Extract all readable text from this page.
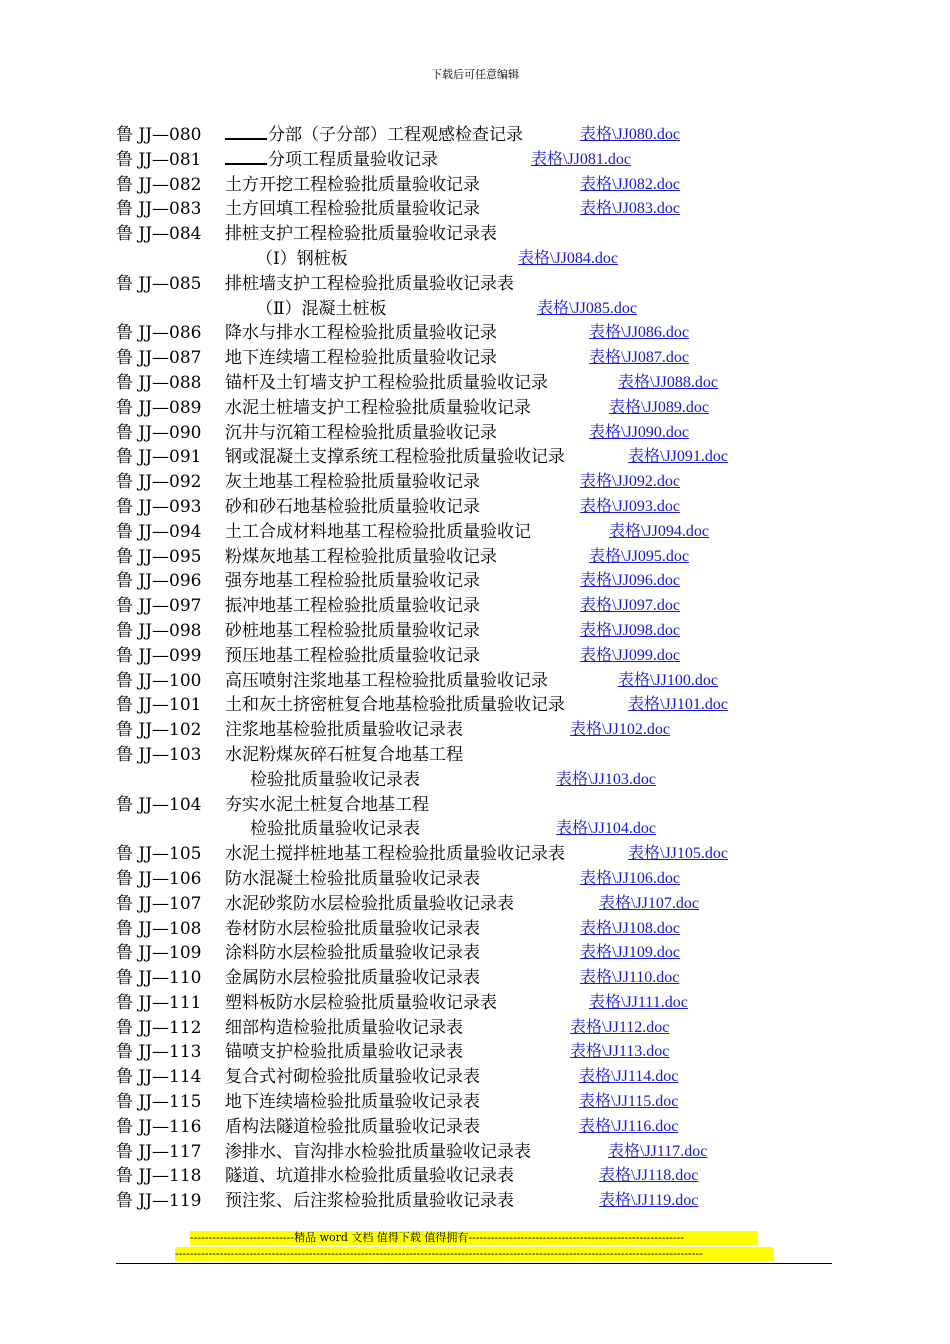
下载后可任意编辑
鲁 JJ—080	分部（子分部）工程观感检查记录	表格\JJ080.doc
鲁 JJ—081	分项工程质量验收记录	表格\JJ081.doc
鲁 JJ—082 土方开挖工程检验批质量验收记录	表格\JJ082.doc
鲁 JJ—083 土方回填工程检验批质量验收记录	表格\JJ083.doc
鲁 JJ—084 排桩支护工程检验批质量验收记录表
（Ⅰ）钢桩板	表格\JJ084.doc
鲁 JJ—085 排桩墙支护工程检验批质量验收记录表
（Ⅱ）混凝土桩板	表格\JJ085.doc
鲁 JJ—086 降水与排水工程检验批质量验收记录	表格\JJ086.doc
鲁 JJ—087 地下连续墙工程检验批质量验收记录	表格\JJ087.doc
鲁 JJ—088 锚杆及土钉墙支护工程检验批质量验收记录	表格\JJ088.doc
鲁 JJ—089 水泥土桩墙支护工程检验批质量验收记录	表格\JJ089.doc
鲁 JJ—090 沉井与沉箱工程检验批质量验收记录	表格\JJ090.doc
鲁 JJ—091 钢或混凝土支撑系统工程检验批质量验收记录	表格\JJ091.doc
鲁 JJ—092 灰土地基工程检验批质量验收记录	表格\JJ092.doc
鲁 JJ—093 砂和砂石地基检验批质量验收记录	表格\JJ093.doc
鲁 JJ—094 土工合成材料地基工程检验批质量验收记	表格\JJ094.doc
鲁 JJ—095 粉煤灰地基工程检验批质量验收记录	表格\JJ095.doc
鲁 JJ—096 强夯地基工程检验批质量验收记录	表格\JJ096.doc
鲁 JJ—097 振冲地基工程检验批质量验收记录	表格\JJ097.doc
鲁 JJ—098 砂桩地基工程检验批质量验收记录	表格\JJ098.doc
鲁 JJ—099 预压地基工程检验批质量验收记录	表格\JJ099.doc
鲁 JJ—100 高压喷射注浆地基工程检验批质量验收记录	表格\JJ100.doc
鲁 JJ—101 土和灰土挤密桩复合地基检验批质量验收记录	表格\JJ101.doc
鲁 JJ—102 注浆地基检验批质量验收记录表	表格\JJ102.doc
鲁 JJ—103 水泥粉煤灰碎石桩复合地基工程
检验批质量验收记录表	表格\JJ103.doc
鲁 JJ—104 夯实水泥土桩复合地基工程
检验批质量验收记录表	表格\JJ104.doc
鲁 JJ—105 水泥土搅拌桩地基工程检验批质量验收记录表	表格\JJ105.doc
鲁 JJ—106 防水混凝土检验批质量验收记录表	表格\JJ106.doc
鲁 JJ—107 水泥砂浆防水层检验批质量验收记录表	表格\JJ107.doc
鲁 JJ—108 卷材防水层检验批质量验收记录表	表格\JJ108.doc
鲁 JJ—109 涂料防水层检验批质量验收记录表	表格\JJ109.doc
鲁 JJ—110 金属防水层检验批质量验收记录表	表格\JJ110.doc
鲁 JJ—111 塑料板防水层检验批质量验收记录表	表格\JJ111.doc
鲁 JJ—112 细部构造检验批质量验收记录表	表格\JJ112.doc
鲁 JJ—113 锚喷支护检验批质量验收记录表	表格\JJ113.doc
鲁 JJ—114 复合式衬砌检验批质量验收记录表	表格\JJ114.doc
鲁 JJ—115 地下连续墙检验批质量验收记录表	表格\JJ115.doc
鲁 JJ—116 盾构法隧道检验批质量验收记录表	表格\JJ116.doc
鲁 JJ—117 渗排水、盲沟排水检验批质量验收记录表	表格\JJ117.doc
鲁 JJ—118 隧道、坑道排水检验批质量验收记录表	表格\JJ118.doc
鲁 JJ—119 预注浆、后注浆检验批质量验收记录表	表格\JJ119.doc
----------------------------精品 word 文档 值得下载 值得拥有----------------------------------------------------------
----------------------------------------------------------------------------------------------------------------------------------------------
